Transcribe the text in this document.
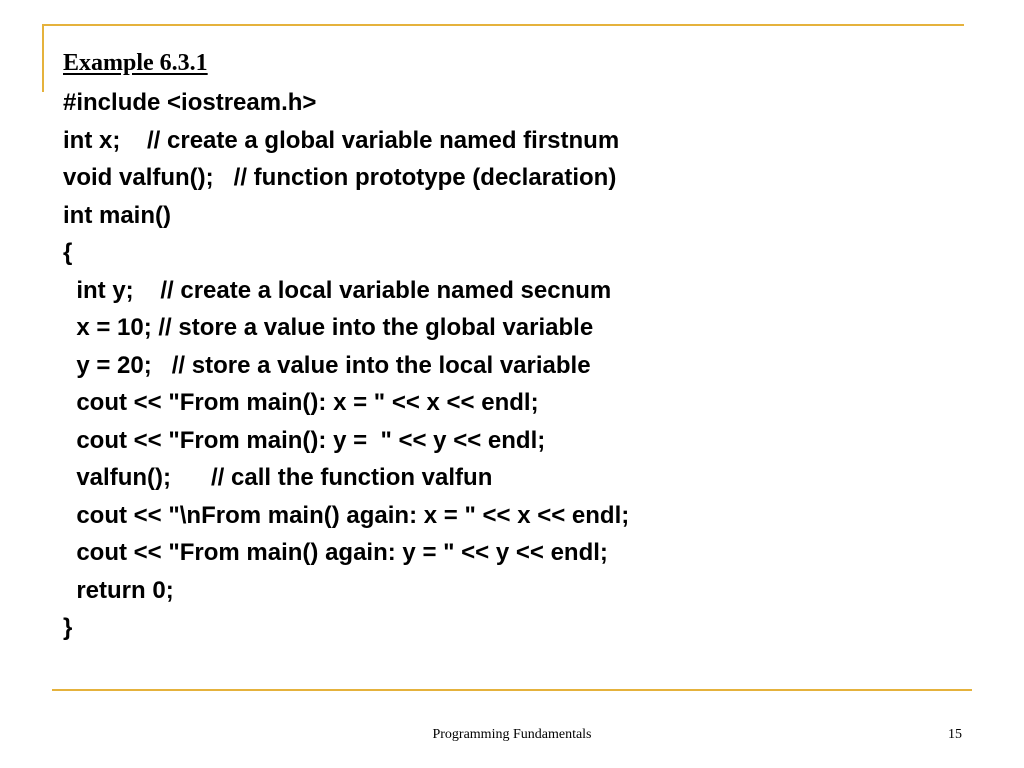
Example 6.3.1
#include <iostream.h>
int x;    // create a global variable named firstnum
void valfun();   // function prototype (declaration)
int main()
{
int y;    // create a local variable named secnum
x = 10; // store a value into the global variable
y = 20;   // store a value into the local variable
cout << "From main(): x = " << x << endl;
cout << "From main(): y =  " << y << endl;
valfun();      // call the function valfun
cout << "\nFrom main() again: x = " << x << endl;
cout << "From main() again: y = " << y << endl;
return 0;
}
Programming Fundamentals	15
